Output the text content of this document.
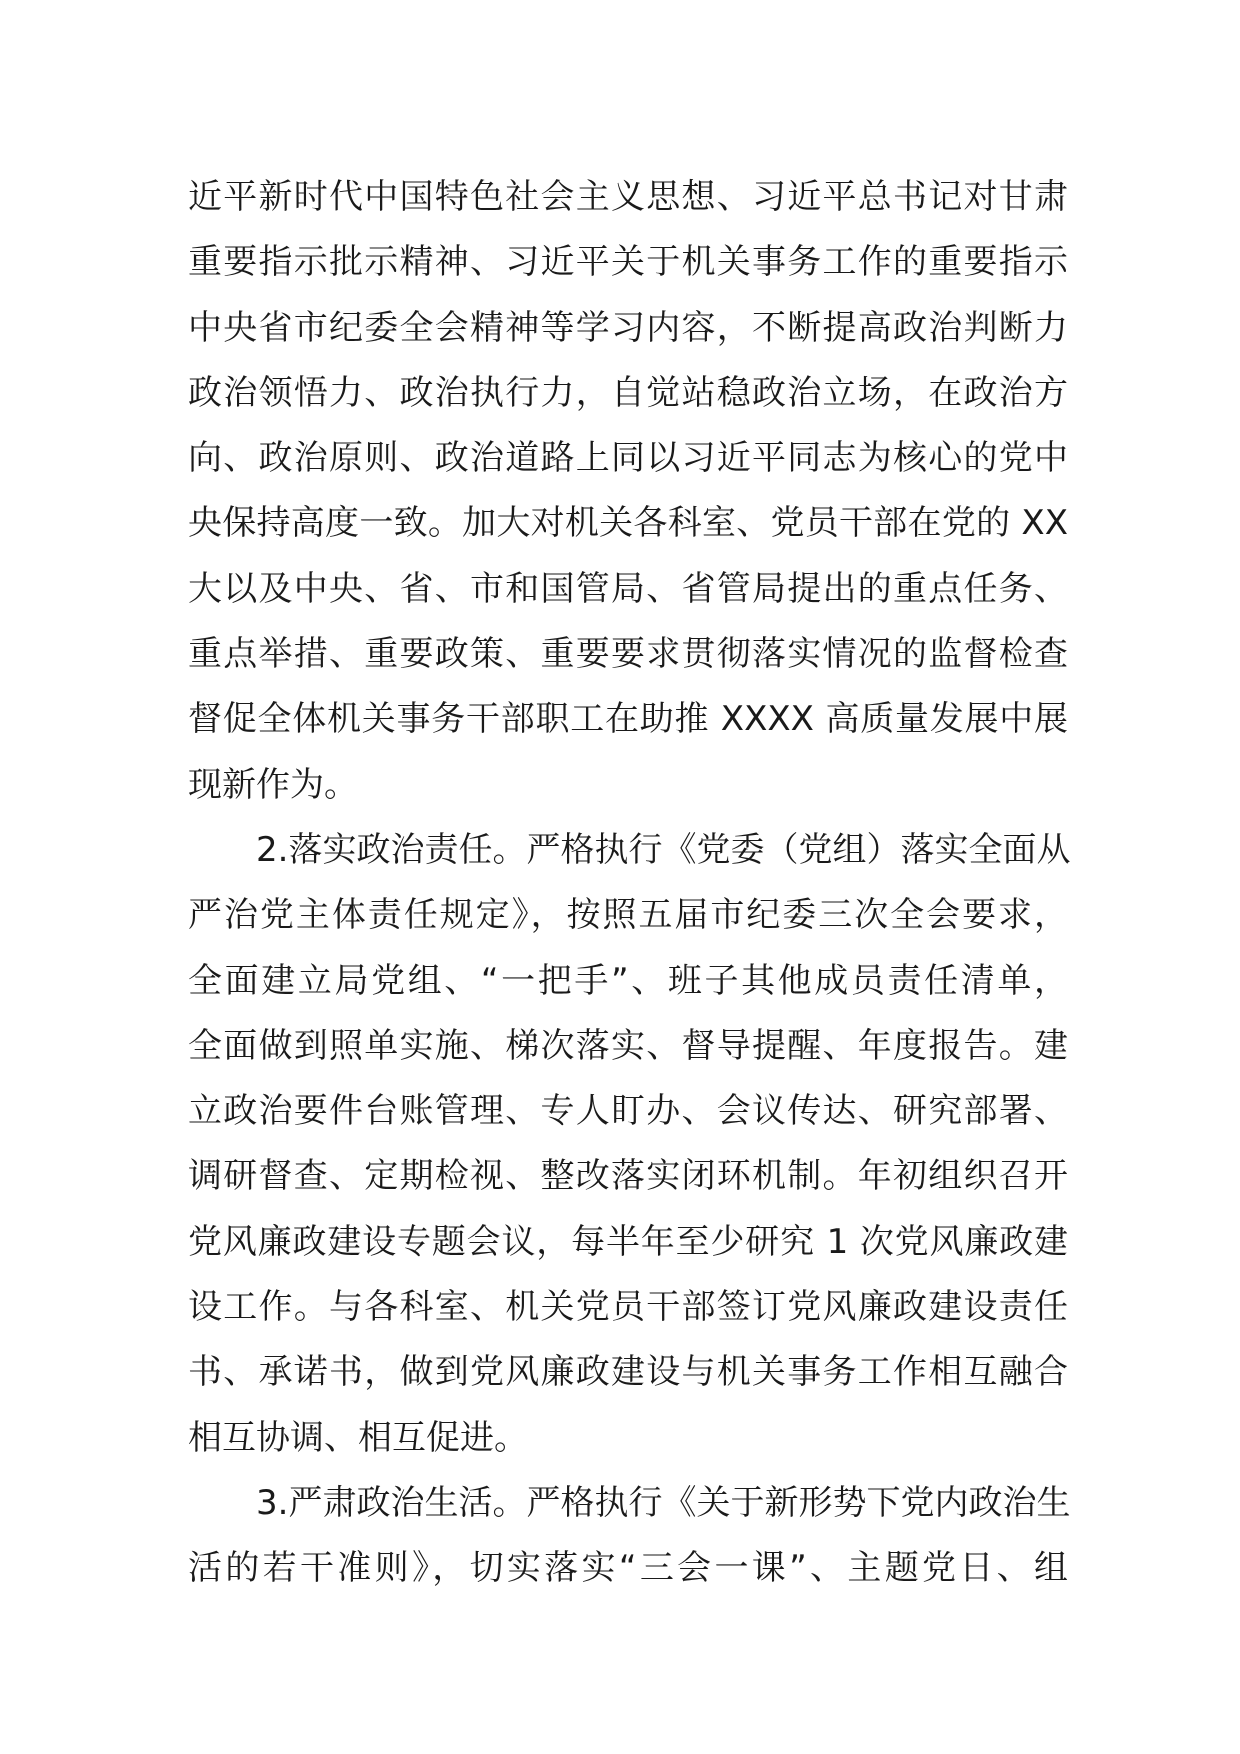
近平新时代中国特色社会主义思想、习近平总书记对甘肃
重要指示批示精神、习近平关于机关事务工作的重要指示
中央省市纪委全会精神等学习内容，不断提高政治判断力
政治领悟力、政治执行力，自觉站稳政治立场，在政治方
向、政治原则、政治道路上同以习近平同志为核心的党中
央保持高度一致。加大对机关各科室、党员干部在党的 XX
大以及中央、省、市和国管局、省管局提出的重点任务、
重点举措、重要政策、重要要求贯彻落实情况的监督检查
督促全体机关事务干部职工在助推 XXXX 高质量发展中展
现新作为。
2.落实政治责任。严格执行《党委（党组）落实全面从
严治党主体责任规定》，按照五届市纪委三次全会要求，
全面建立局党组、“一把手”、班子其他成员责任清单，
全面做到照单实施、梯次落实、督导提醒、年度报告。建
立政治要件台账管理、专人盯办、会议传达、研究部署、
调研督查、定期检视、整改落实闭环机制。年初组织召开
党风廉政建设专题会议，每半年至少研究 1 次党风廉政建
设工作。与各科室、机关党员干部签订党风廉政建设责任
书、承诺书，做到党风廉政建设与机关事务工作相互融合
相互协调、相互促进。
3.严肃政治生活。严格执行《关于新形势下党内政治生
活的若干准则》，切实落实“三会一课”、主题党日、组
